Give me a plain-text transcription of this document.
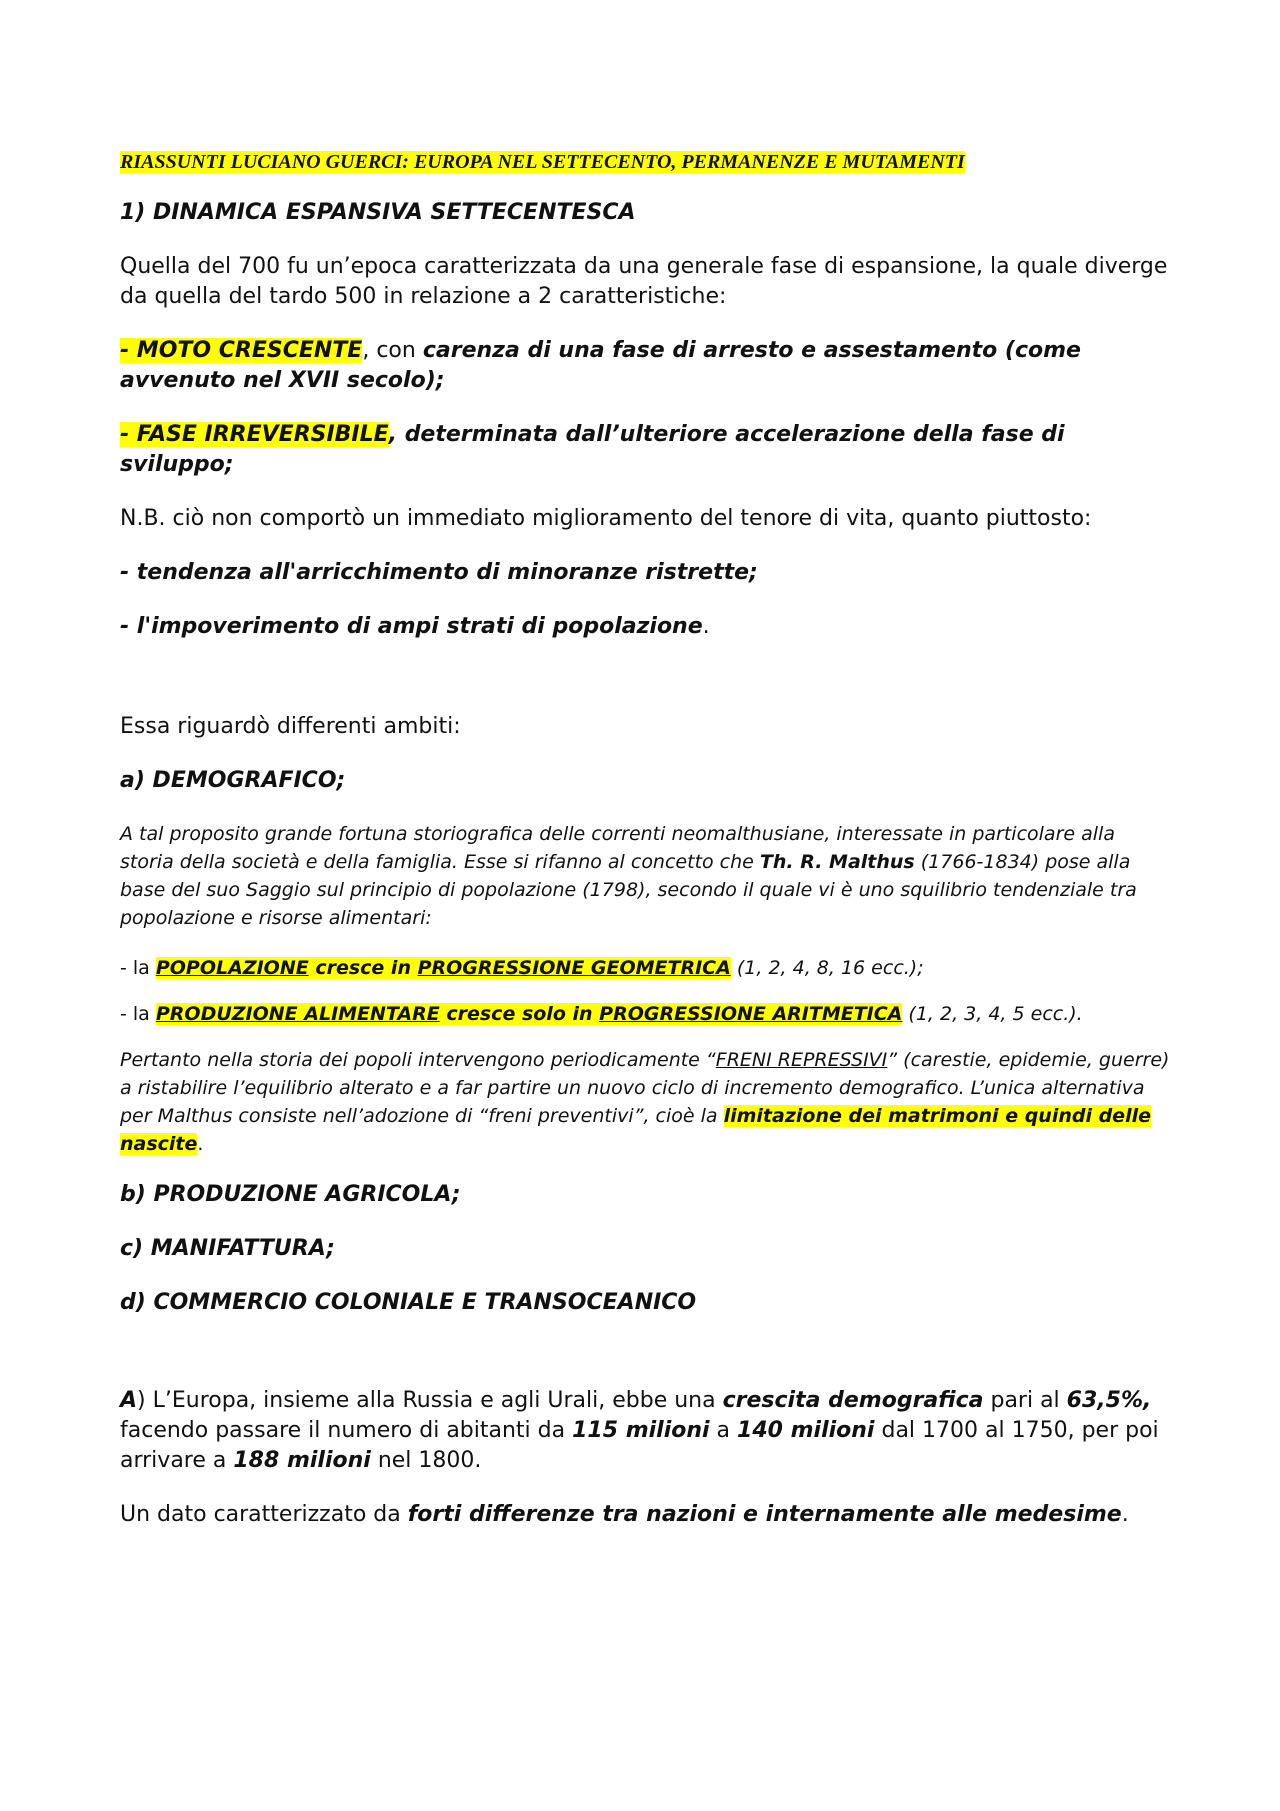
RIASSUNTI LUCIANO GUERCI: EUROPA NEL SETTECENTO, PERMANENZE E MUTAMENTI

1) DINAMICA ESPANSIVA SETTECENTESCA

Quella del 700 fu un’epoca caratterizzata da una generale fase di espansione, la quale diverge da quella del tardo 500 in relazione a 2 caratteristiche:

- MOTO CRESCENTE, con carenza di una fase di arresto e assestamento (come avvenuto nel XVII secolo);

- FASE IRREVERSIBILE, determinata dall’ulteriore accelerazione della fase di sviluppo;

N.B. ciò non comportò un immediato miglioramento del tenore di vita, quanto piuttosto:

- tendenza all'arricchimento di minoranze ristrette;

- l'impoverimento di ampi strati di popolazione.

Essa riguardò differenti ambiti:

a) DEMOGRAFICO;

A tal proposito grande fortuna storiografica delle correnti neomalthusiane, interessate in particolare alla storia della società e della famiglia. Esse si rifanno al concetto che Th. R. Malthus (1766-1834) pose alla base del suo Saggio sul principio di popolazione (1798), secondo il quale vi è uno squilibrio tendenziale tra popolazione e risorse alimentari:

- la POPOLAZIONE cresce in PROGRESSIONE GEOMETRICA (1, 2, 4, 8, 16 ecc.);

- la PRODUZIONE ALIMENTARE cresce solo in PROGRESSIONE ARITMETICA (1, 2, 3, 4, 5 ecc.).

Pertanto nella storia dei popoli intervengono periodicamente “FRENI REPRESSIVI” (carestie, epidemie, guerre) a ristabilire l’equilibrio alterato e a far partire un nuovo ciclo di incremento demografico. L’unica alternativa per Malthus consiste nell’adozione di “freni preventivi”, cioè la limitazione dei matrimoni e quindi delle nascite.

b) PRODUZIONE AGRICOLA;

c) MANIFATTURA;

d) COMMERCIO COLONIALE E TRANSOCEANICO

A) L’Europa, insieme alla Russia e agli Urali, ebbe una crescita demografica pari al 63,5%, facendo passare il numero di abitanti da 115 milioni a 140 milioni dal 1700 al 1750, per poi arrivare a 188 milioni nel 1800.

Un dato caratterizzato da forti differenze tra nazioni e internamente alle medesime.
